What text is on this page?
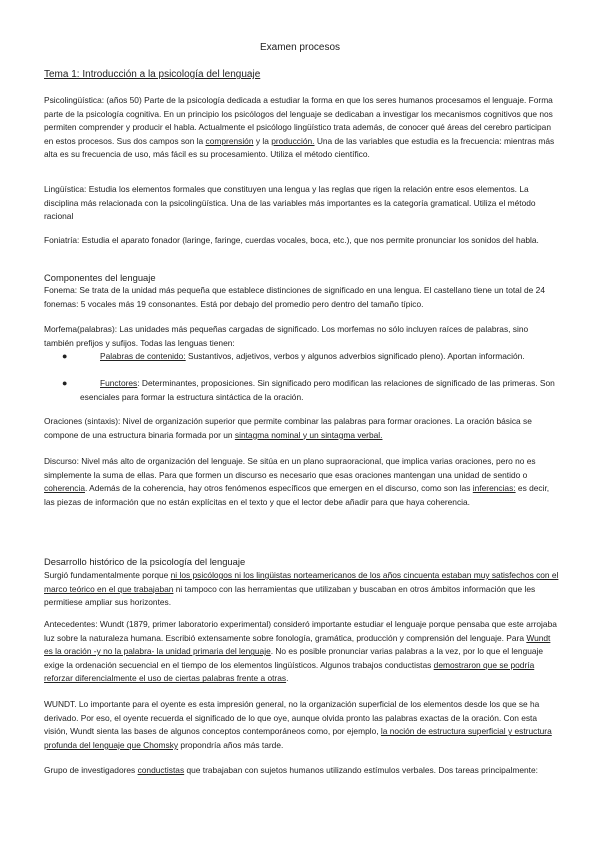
Examen procesos
Tema 1: Introducción a la psicología del lenguaje
Psicolingüística: (años 50) Parte de la psicología dedicada a estudiar la forma en que los seres humanos procesamos el lenguaje. Forma parte de la psicología cognitiva. En un principio los psicólogos del lenguaje se dedicaban a investigar los mecanismos cognitivos que nos permiten comprender y producir el habla. Actualmente el psicólogo lingüístico trata además, de conocer qué áreas del cerebro participan en estos procesos. Sus dos campos son la comprensión y la producción. Una de las variables que estudia es la frecuencia: mientras más alta es su frecuencia de uso, más fácil es su procesamiento. Utiliza el método científico.
Lingüística: Estudia los elementos formales que constituyen una lengua y las reglas que rigen la relación entre esos elementos. La disciplina más relacionada con la psicolingüística. Una de las variables más importantes es la categoría gramatical. Utiliza el método racional
Foniatría: Estudia el aparato fonador (laringe, faringe, cuerdas vocales, boca, etc.), que nos permite pronunciar los sonidos del habla.
Componentes del lenguaje
Fonema: Se trata de la unidad más pequeña que establece distinciones de significado en una lengua. El castellano tiene un total de 24 fonemas: 5 vocales más 19 consonantes. Está por debajo del promedio pero dentro del tamaño típico.
Morfema(palabras): Las unidades más pequeñas cargadas de significado. Los morfemas no sólo incluyen raíces de palabras, sino también prefijos y sufijos. Todas las lenguas tienen:
●	Palabras de contenido: Sustantivos, adjetivos, verbos y algunos adverbios significado pleno). Aportan información.
●	Functores: Determinantes, proposiciones. Sin significado pero modifican las relaciones de significado de las primeras. Son esenciales para formar la estructura sintáctica de la oración.
Oraciones (sintaxis): Nivel de organización superior que permite combinar las palabras para formar oraciones. La oración básica se compone de una estructura binaria formada por un sintagma nominal y un sintagma verbal.
Discurso: Nivel más alto de organización del lenguaje. Se sitúa en un plano supraoracional, que implica varias oraciones, pero no es simplemente la suma de ellas. Para que formen un discurso es necesario que esas oraciones mantengan una unidad de sentido o coherencia. Además de la coherencia, hay otros fenómenos específicos que emergen en el discurso, como son las inferencias: es decir, las piezas de información que no están explícitas en el texto y que el lector debe añadir para que haya coherencia.
Desarrollo histórico de la psicología del lenguaje
Surgió fundamentalmente porque ni los psicólogos ni los lingüistas norteamericanos de los años cincuenta estaban muy satisfechos con el marco teórico en el que trabajaban ni tampoco con las herramientas que utilizaban y buscaban en otros ámbitos información que les permitiese ampliar sus horizontes.
Antecedentes: Wundt (1879, primer laboratorio experimental) consideró importante estudiar el lenguaje porque pensaba que este arrojaba luz sobre la naturaleza humana. Escribió extensamente sobre fonología, gramática, producción y comprensión del lenguaje. Para Wundt es la oración -y no la palabra- la unidad primaria del lenguaje. No es posible pronunciar varias palabras a la vez, por lo que el lenguaje exige la ordenación secuencial en el tiempo de los elementos lingüísticos. Algunos trabajos conductistas demostraron que se podría reforzar diferencialmente el uso de ciertas palabras frente a otras.
WUNDT. Lo importante para el oyente es esta impresión general, no la organización superficial de los elementos desde los que se ha derivado. Por eso, el oyente recuerda el significado de lo que oye, aunque olvida pronto las palabras exactas de la oración. Con esta visión, Wundt sienta las bases de algunos conceptos contemporáneos como, por ejemplo, la noción de estructura superficial y estructura profunda del lenguaje que Chomsky propondría años más tarde.
Grupo de investigadores conductistas que trabajaban con sujetos humanos utilizando estímulos verbales. Dos tareas principalmente:
